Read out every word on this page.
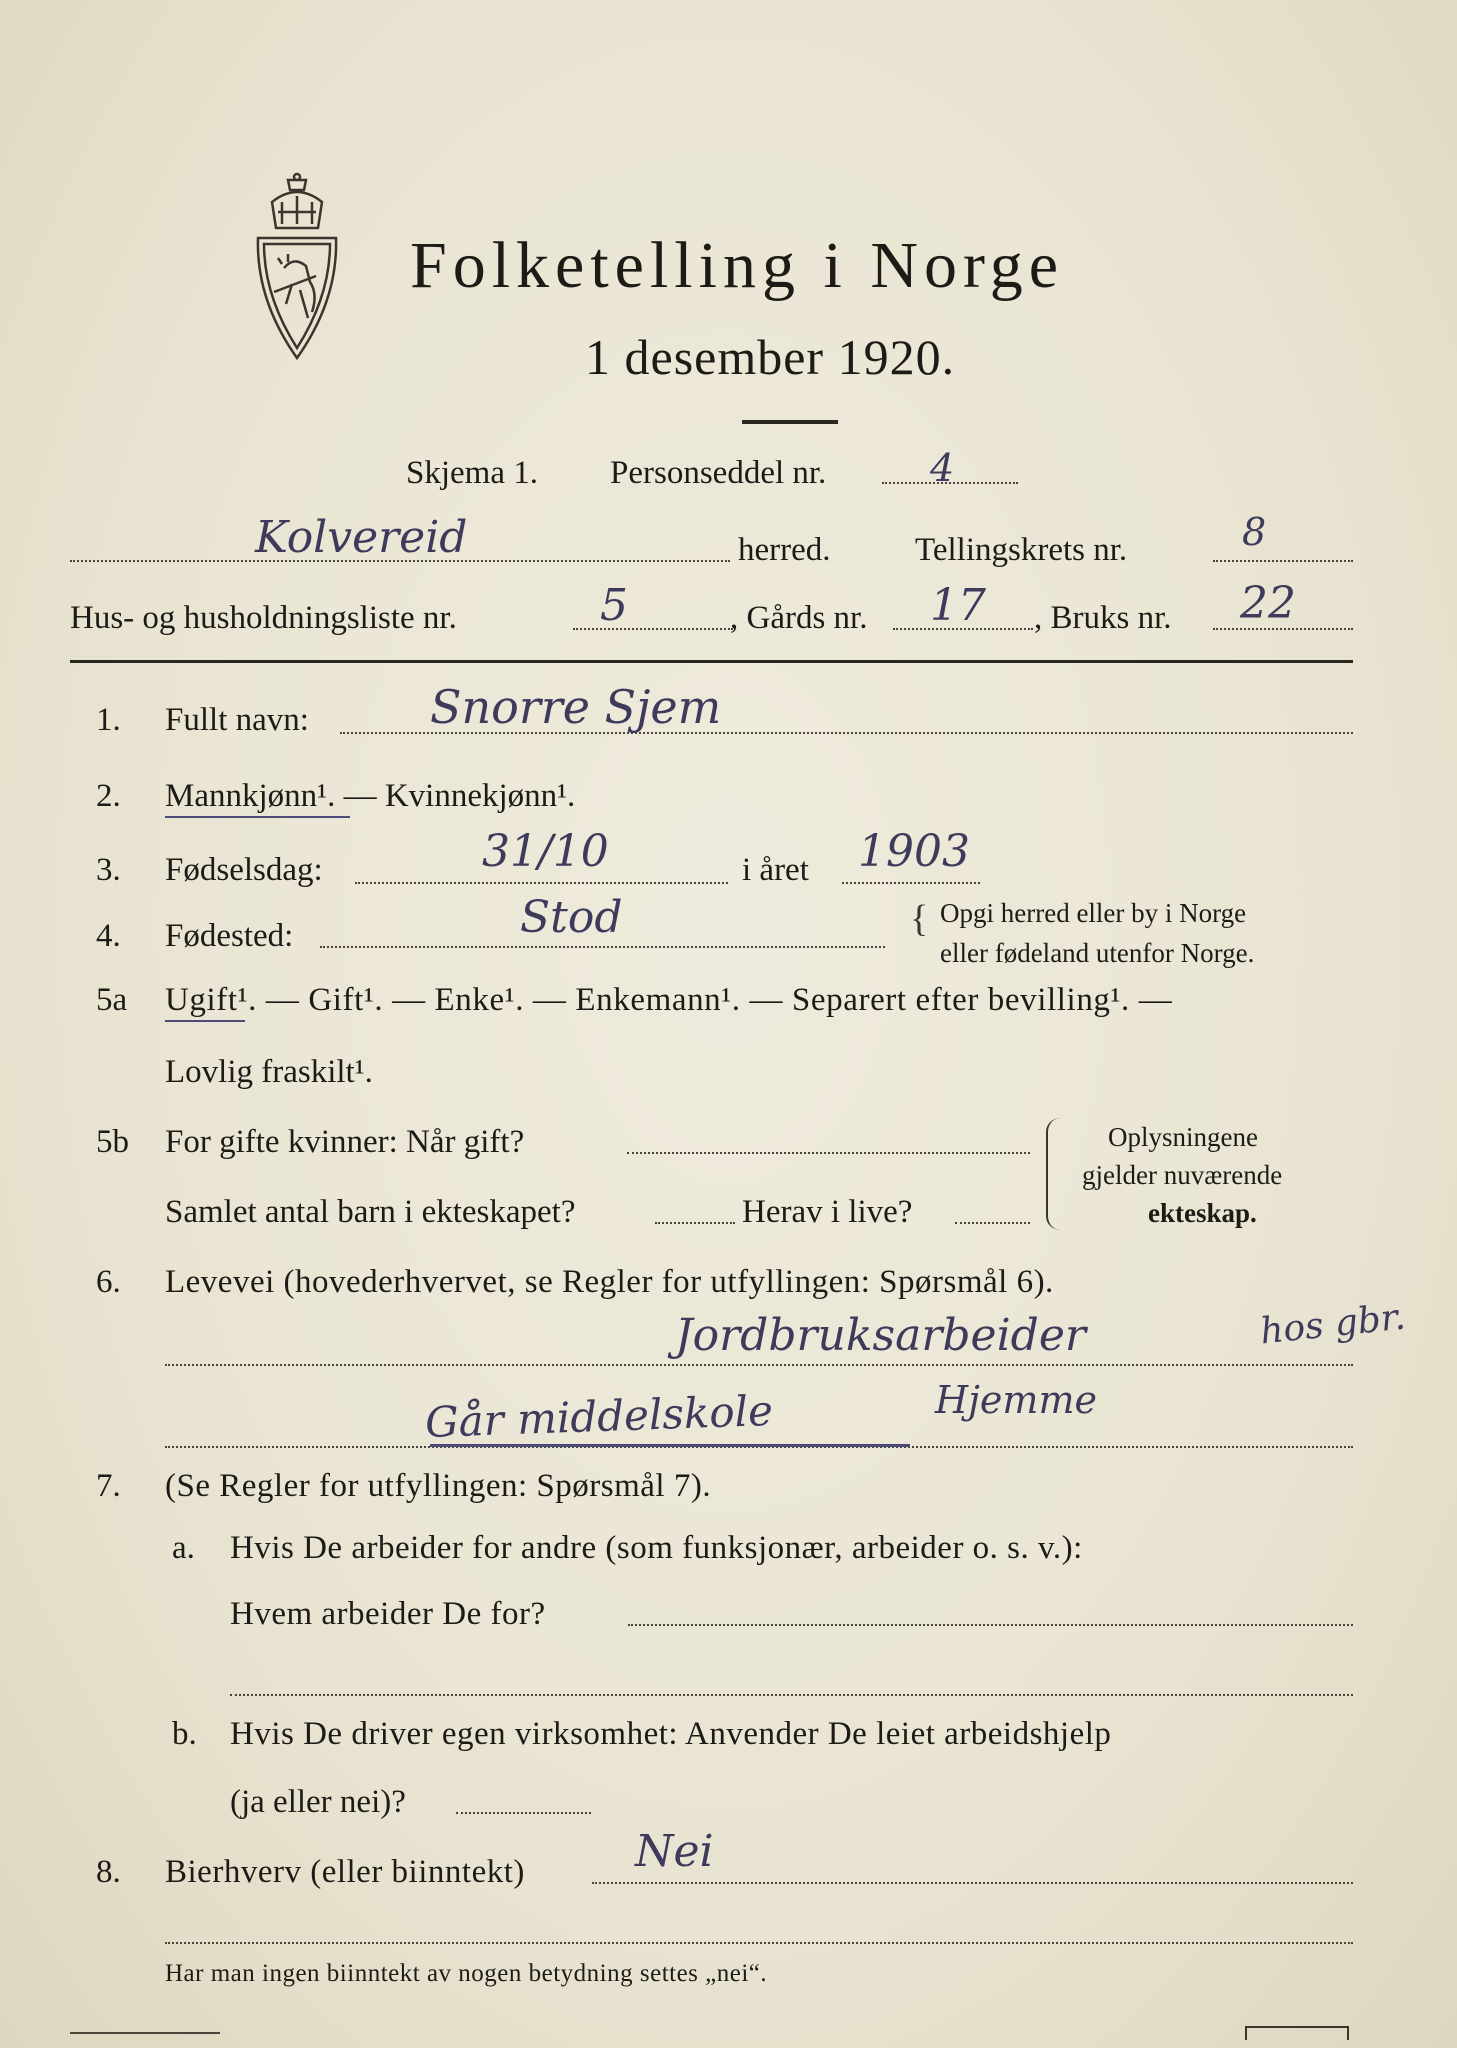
Folketelling i Norge
1 desember 1920.
Skjema 1. Personseddel nr.	4
Kolvereid	herred.	Tellingskrets nr.	8
Hus- og husholdningsliste nr.	5	, Gårds nr. 17 , Bruks nr. 22
1. Fullt navn:	Snorre Sjem
2. Mannkjønn¹. — Kvinnekjønn¹.
3. Fødselsdag:	31/10	i året 1903
4. Fødested:	Stod	{ Opgi herred eller by i Norge
eller fødeland utenfor Norge.
5a Ugift¹. — Gift¹. — Enke¹. — Enkemann¹. — Separert efter bevilling¹. —
Lovlig fraskilt¹.
5b For gifte kvinner: Når gift?
Samlet antal barn i ekteskapet?	Herav i live?
Oplysningene
gjelder nuværende
ekteskap.
6. Levevei (hovederhvervet, se Regler for utfyllingen: Spørsmål 6).
Jordbruksarbeider	hos gbr.
Går middelskole	Hjemme
7. (Se Regler for utfyllingen: Spørsmål 7).
a. Hvis De arbeider for andre (som funksjonær, arbeider o. s. v.):
Hvem arbeider De for?
b. Hvis De driver egen virksomhet: Anvender De leiet arbeidshjelp
(ja eller nei)?
8. Bierhverv (eller biinntekt)	Nei
Har man ingen biinntekt av nogen betydning settes „nei“.
